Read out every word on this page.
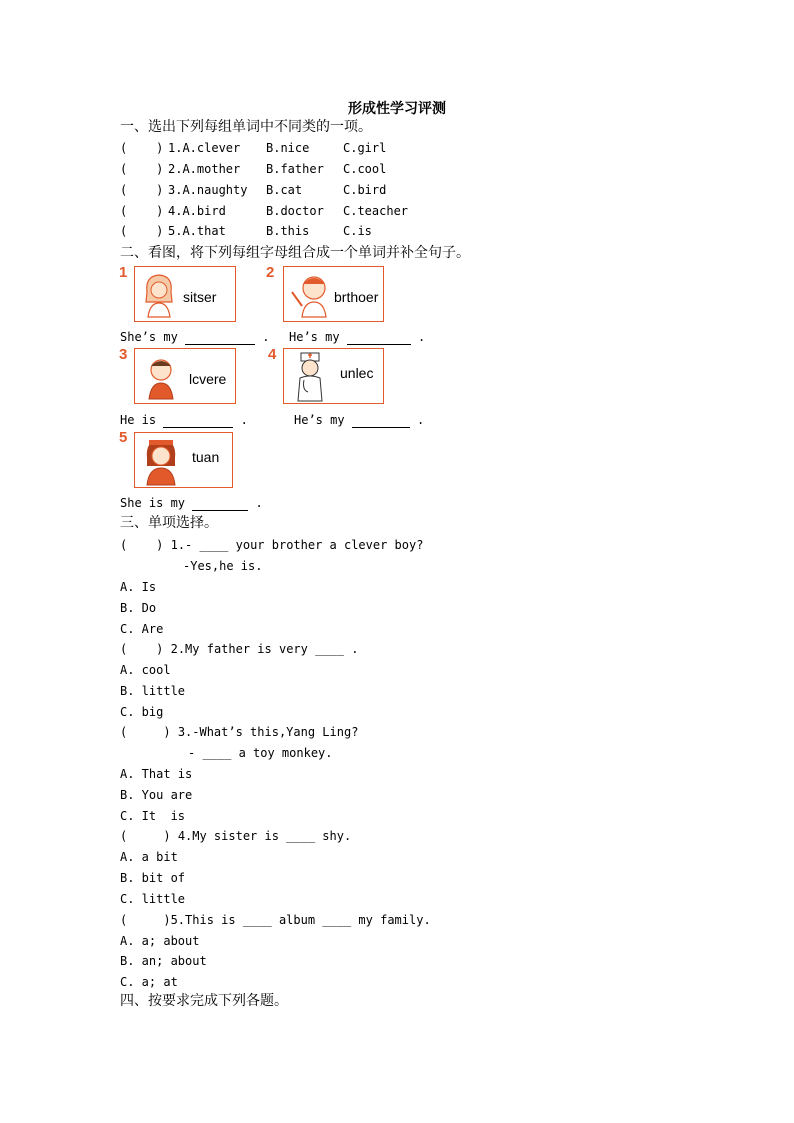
形成性学习评测
一、选出下列每组单词中不同类的一项。
(    ) 1.A.clever B.nice	C.girl
(    ) 2.A.mother B.father C.cool
(    ) 3.A.naughty B.cat	C.bird
(    ) 4.A.bird	B.doctor C.teacher
(    ) 5.A.that	B.this	C.is
二、看图，将下列每组字母组合成一个单词并补全句子。
1
sitser
2
brthoer
She’s my	. He’s my	.
3
lcvere
4
unlec
He is	.	He’s my	.
5
tuan
She is my	.
三、单项选择。
(    ) 1.- ____ your brother a clever boy?
-Yes,he is.
A. Is
B. Do
C. Are
(    ) 2.My father is very ____ .
A. cool
B. little
C. big
(     ) 3.-What’s this,Yang Ling?
- ____ a toy monkey.
A. That is
B. You are
C. It  is
(     ) 4.My sister is ____ shy.
A. a bit
B. bit of
C. little
(     )5.This is ____ album ____ my family.
A. a; about
B. an; about
C. a; at
四、按要求完成下列各题。
